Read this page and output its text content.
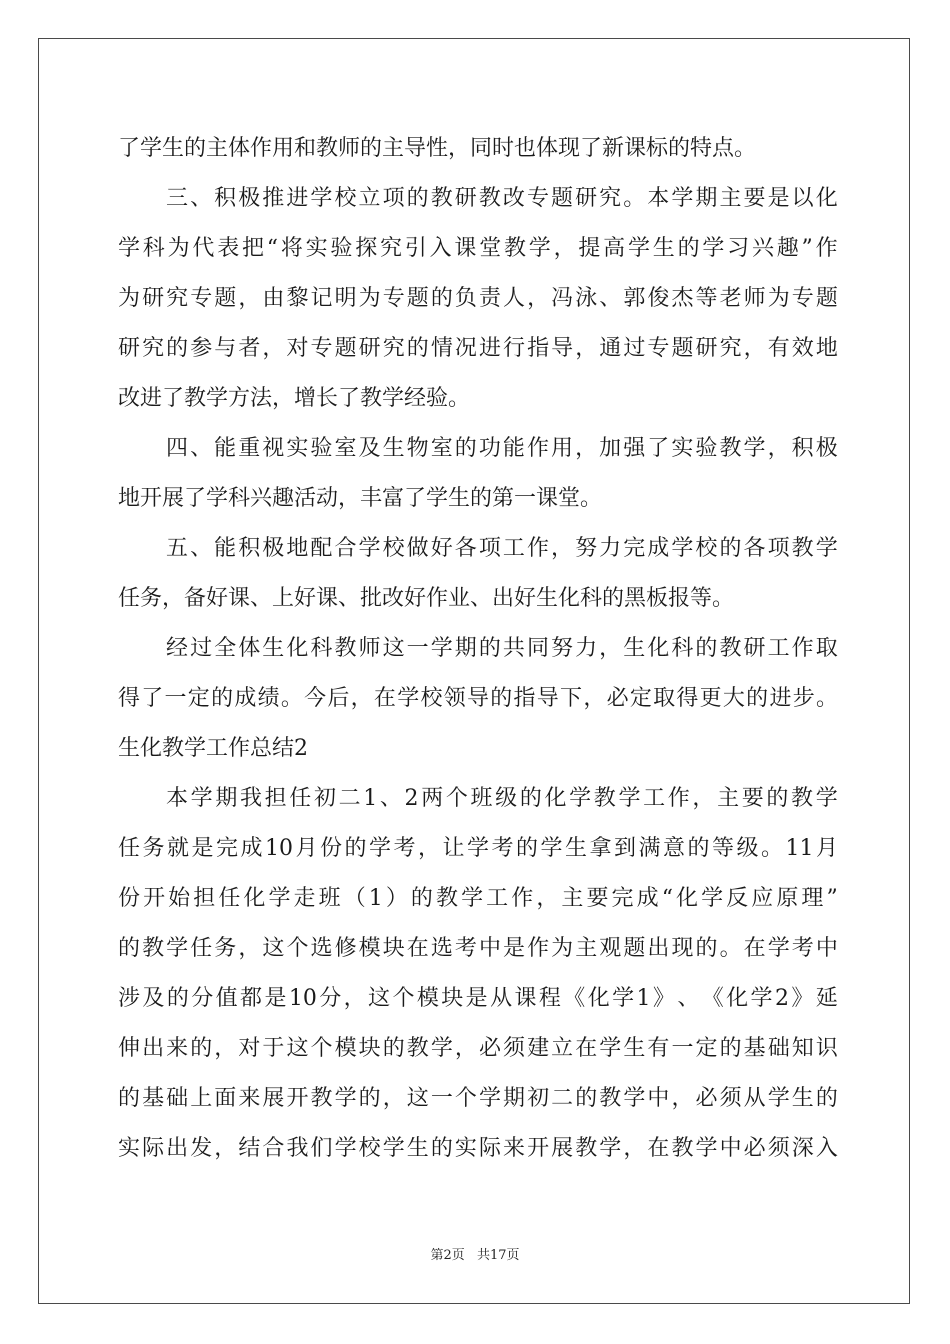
了学生的主体作用和教师的主导性，同时也体现了新课标的特点。
三 、 积 极 推 进 学 校 立 项 的 教 研 教 改 专 题 研 究 。 本 学 期 主 要 是 以 化
学 科 为 代 表 把 “ 将 实 验 探 究 引 入 课 堂 教 学 ， 提 高 学 生 的 学 习 兴 趣 ” 作
为 研 究 专 题 ， 由 黎 记 明 为 专 题 的 负 责 人 ， 冯 泳 、 郭 俊 杰 等 老 师 为 专 题
研 究 的 参 与 者 ， 对 专 题 研 究 的 情 况 进 行 指 导 ， 通 过 专 题 研 究 ， 有 效 地
改进了教学方法，增长了教学经验。
四 、 能 重 视 实 验 室 及 生 物 室 的 功 能 作 用 ， 加 强 了 实 验 教 学 ， 积 极
地开展了学科兴趣活动，丰富了学生的第一课堂。
五 、 能 积 极 地 配 合 学 校 做 好 各 项 工 作 ， 努 力 完 成 学 校 的 各 项 教 学
任务，备好课、上好课、批改好作业、出好生化科的黑板报等。
经 过 全 体 生 化 科 教 师 这 一 学 期 的 共 同 努 力 ， 生 化 科 的 教 研 工 作 取
得 了 一 定 的 成 绩 。 今 后 ， 在 学 校 领 导 的 指 导 下 ， 必 定 取 得 更 大 的 进 步 。
生化教学工作总结2
本 学 期 我 担 任 初 二 1 、 2 两 个 班 级 的 化 学 教 学 工 作 ， 主 要 的 教 学
任 务 就 是 完 成 10 月 份 的 学 考 ， 让 学 考 的 学 生 拿 到 满 意 的 等 级 。 11 月
份 开 始 担 任 化 学 走 班 （ 1 ） 的 教 学 工 作 ， 主 要 完 成 “ 化 学 反 应 原 理 ”
的 教 学 任 务 ， 这 个 选 修 模 块 在 选 考 中 是 作 为 主 观 题 出 现 的 。 在 学 考 中
涉 及 的 分 值 都 是 10 分 ， 这 个 模 块 是 从 课 程 《 化 学 1 》 、 《 化 学 2 》 延
伸 出 来 的 ， 对 于 这 个 模 块 的 教 学 ， 必 须 建 立 在 学 生 有 一 定 的 基 础 知 识
的 基 础 上 面 来 展 开 教 学 的 ， 这 一 个 学 期 初 二 的 教 学 中 ， 必 须 从 学 生 的
实 际 出 发 ， 结 合 我 们 学 校 学 生 的 实 际 来 开 展 教 学 ， 在 教 学 中 必 须 深 入
第2页 共17页
